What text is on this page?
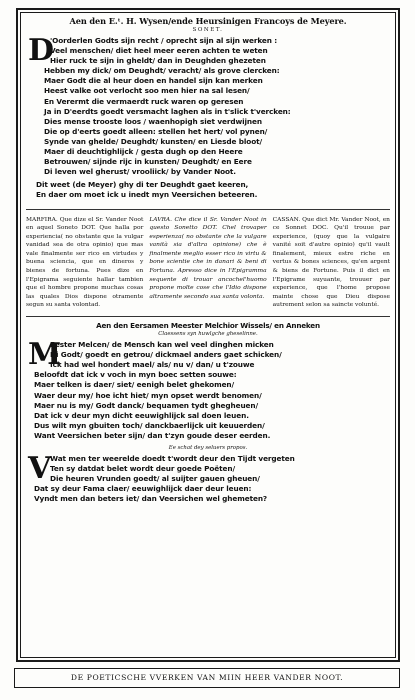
Aen den E.ᵗ. H. Wysen/ende Heursinigen Francoys de Meyere.
SONET.
D
'Oorderlen Godts sijn recht / oprecht sijn al sijn werken :
Veel menschen/ diet heel meer eeren achten te weten
Hier ruck te sijn in gheldt/ dan in Deughden ghezeten
Hebben my dick/ om Deughdt/ veracht/ als grove clercken:
Maer Godt die al heur doen en handel sijn kan merken
Heest valke oot verlocht soo men hier na sal lesen/
En Verermt die vermaerdt ruck waren op geresen
Ja in D'eerdts goedt versmacht laghen als in t'slick t'vercken:
Dies mense trooste loos / waenhopigh siet verdwijnen
Die op d'eerts goedt alleen: stellen het hert/ vol pynen/
Synde van ghelde/ Deughdt/ kunsten/ en Liesde bloot/
Maer di deuchtighlijck / gesta dugh op den Heere
Betrouwen/ sijnde rijc in kunsten/ Deughdt/ en Eere
Di leven wel gherust/ vrooliick/ by Vander Noot.
Dit weet (de Meyer) ghy di ter Deughdt gaet keeren,
En daer om moet ick u inedt myn Veersichen beteeren.
MARFIRA. Que dize el Sr. Vander Noot en aquel Soneto DOT. Que halla por experiencia( no obstante que la vulgar vanidad sea de otra opinio) que mas vale finalmente ser rico en virtudes y buena sciencia, que en dineros y bienes de fortuna. Pues dize en l'Epigrama seguiente hallar tambien que el hombre propone muchas cosas las quales Dios dispone otramente segun su santa volontad.
LAVRA. Che dice il Sr. Vander Noot in questo Sonetto DOT. Chel trovaper esperienza( no obstante che la vulgare vanità sia d'altra opinione) che è finalmente meglio esser rico in virtu & bone scientie che in danari & beni di Fortuna. Apresso dice in l'Epigramma sequente di trouar ancochel'huomo propone molte cose che l'Idio dispone altramente secondo sua santa volonta.
CASSAN. Que dict Mr. Vander Noot, en ce Sonnet DOC. Qu'il trouue par experience, (quoy que la vulgaire vanité soit d'autre opinio) qu'il vault finalement, mieux estre riche en vertus & bones sciences, qu'en argent & biens de Fortune. Puis il dict en l'Epigrame suyuante, trouuer par experience, que l'home propose mainte chose que Dieu dispose autrement selon sa saincte volunté.
Aen den Eersamen Meester Melchior Wissels/ en Anneken
Claessens syn huwlgche gheselinne.
M
Eester Melcen/ de Mensch kan wel veel dinghen micken
Di Godt/ goedt en getrou/ dickmael anders gaet schicken/
Ick had wel hondert mael/ als/ nu v/ dan/ u t'zouwe
Beloofdt dat ick v voch in myn boec setten souwe:
Maer telken is daer/ siet/ eenigh belet ghekomen/
Waer deur my/ hoe icht hiet/ myn opset werdt benomen/
Maer nu is my/ Godt danck/ bequamen tydt ghegheuen/
Dat ick v deur myn dicht eeuwighlijck sal doen leuen.
Dus wilt myn gbuiten toch/ danckbaerlijck uit keuuerden/
Want Veersichen beter sijn/ dan t'zyn goude deser eerden.
Ee schat dey seluers propos.
V
Wat men ter weerelde doedt t'wordt deur den Tijdt vergeten
Ten sy datdat belet wordt deur goede Poëten/
Die heuren Vrunden goedt/ al suijter gauen gheuen/
Dat sy deur Fama claer/ eeuwighlijck daer deur leuen:
Vyndt men dan beters iet/ dan Veersichen wel ghemeten?
DE POETICSCHE VVERKEN VAN MIIN HEER VANDER NOOT.
